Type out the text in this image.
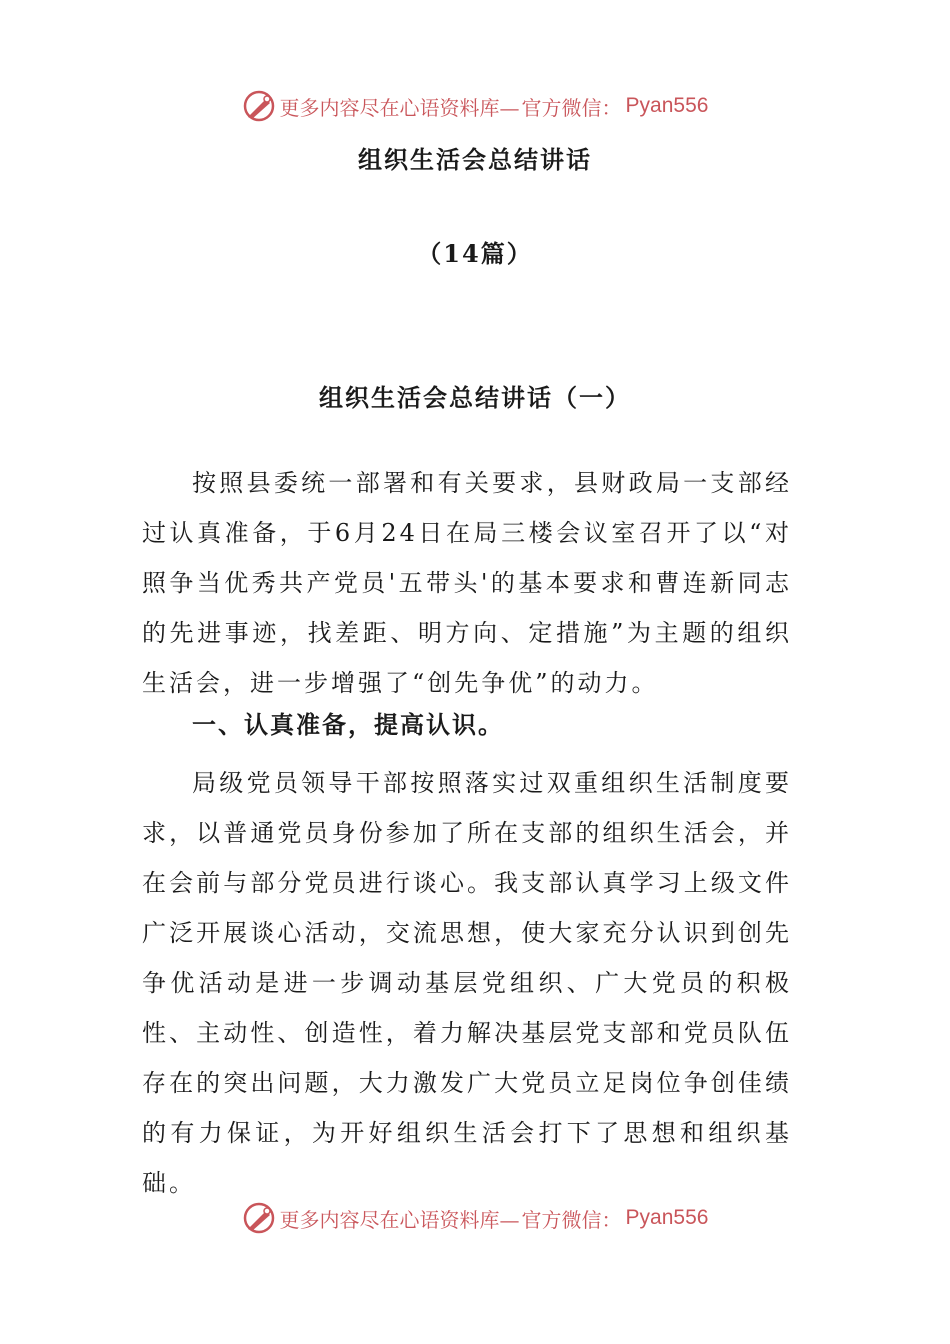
更多内容尽在心语资料库— 官方微信： Pyan556
组织生活会总结讲话
（14篇）
组织生活会总结讲话（一）

按照县委统一部署和有关要求，县财政局一支部经过认真准备，于6月24日在局三楼会议室召开了以“对照争当优秀共产党员'五带头'的基本要求和曹连新同志的先进事迹，找差距、明方向、定措施”为主题的组织生活会，进一步增强了“创先争优”的动力。

一、认真准备，提高认识。

局级党员领导干部按照落实过双重组织生活制度要求，以普通党员身份参加了所在支部的组织生活会，并在会前与部分党员进行谈心。我支部认真学习上级文件广泛开展谈心活动，交流思想，使大家充分认识到创先争优活动是进一步调动基层党组织、广大党员的积极性、主动性、创造性，着力解决基层党支部和党员队伍存在的突出问题，大力激发广大党员立足岗位争创佳绩的有力保证，为开好组织生活会打下了思想和组织基础。

更多内容尽在心语资料库— 官方微信： Pyan556
